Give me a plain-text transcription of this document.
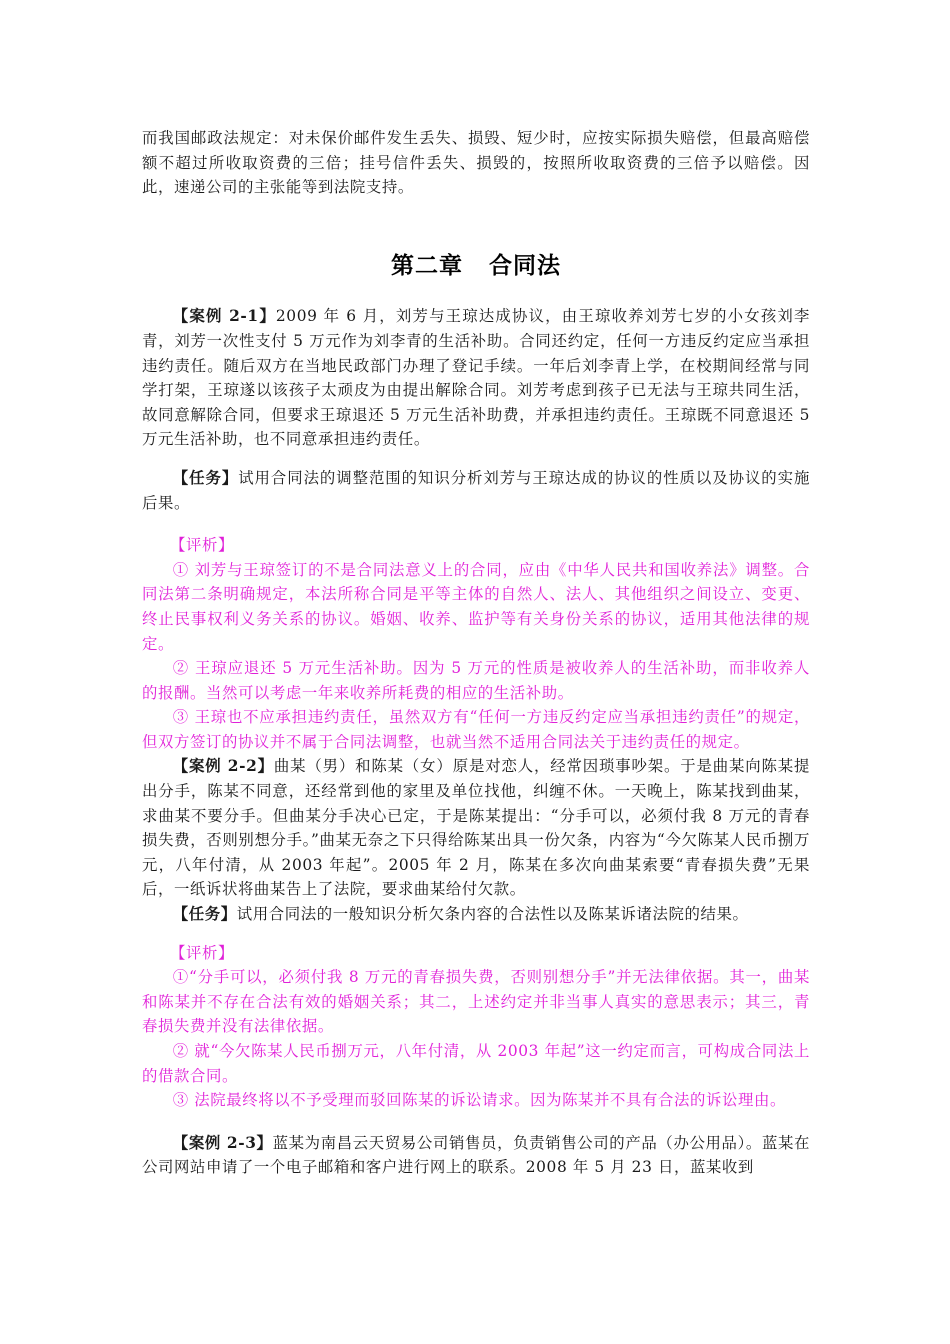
而我国邮政法规定：对未保价邮件发生丢失、损毁、短少时，应按实际损失赔偿，但最高赔偿额不超过所收取资费的三倍；挂号信件丢失、损毁的，按照所收取资费的三倍予以赔偿。因此，速递公司的主张能等到法院支持。

第二章 合同法

【案例 2-1】2009 年 6 月，刘芳与王琼达成协议，由王琼收养刘芳七岁的小女孩刘李青，刘芳一次性支付 5 万元作为刘李青的生活补助。合同还约定，任何一方违反约定应当承担违约责任。随后双方在当地民政部门办理了登记手续。一年后刘李青上学，在校期间经常与同学打架，王琼遂以该孩子太顽皮为由提出解除合同。刘芳考虑到孩子已无法与王琼共同生活，故同意解除合同，但要求王琼退还 5 万元生活补助费，并承担违约责任。王琼既不同意退还 5 万元生活补助，也不同意承担违约责任。

【任务】试用合同法的调整范围的知识分析刘芳与王琼达成的协议的性质以及协议的实施后果。

【评析】

① 刘芳与王琼签订的不是合同法意义上的合同，应由《中华人民共和国收养法》调整。合同法第二条明确规定，本法所称合同是平等主体的自然人、法人、其他组织之间设立、变更、终止民事权利义务关系的协议。婚姻、收养、监护等有关身份关系的协议，适用其他法律的规定。

② 王琼应退还 5 万元生活补助。因为 5 万元的性质是被收养人的生活补助，而非收养人的报酬。当然可以考虑一年来收养所耗费的相应的生活补助。

③ 王琼也不应承担违约责任，虽然双方有“任何一方违反约定应当承担违约责任”的规定，但双方签订的协议并不属于合同法调整，也就当然不适用合同法关于违约责任的规定。

【案例 2-2】曲某（男）和陈某（女）原是对恋人，经常因琐事吵架。于是曲某向陈某提出分手，陈某不同意，还经常到他的家里及单位找他，纠缠不休。一天晚上，陈某找到曲某，求曲某不要分手。但曲某分手决心已定，于是陈某提出：“分手可以，必须付我 8 万元的青春损失费，否则别想分手。”曲某无奈之下只得给陈某出具一份欠条，内容为“今欠陈某人民币捌万元，八年付清，从 2003 年起”。2005 年 2 月，陈某在多次向曲某索要“青春损失费”无果后，一纸诉状将曲某告上了法院，要求曲某给付欠款。

【任务】试用合同法的一般知识分析欠条内容的合法性以及陈某诉诸法院的结果。

【评析】

①“分手可以，必须付我 8 万元的青春损失费，否则别想分手”并无法律依据。其一，曲某和陈某并不存在合法有效的婚姻关系；其二，上述约定并非当事人真实的意思表示；其三，青春损失费并没有法律依据。

② 就“今欠陈某人民币捌万元，八年付清，从 2003 年起”这一约定而言，可构成合同法上的借款合同。

③ 法院最终将以不予受理而驳回陈某的诉讼请求。因为陈某并不具有合法的诉讼理由。

【案例 2-3】蓝某为南昌云天贸易公司销售员，负责销售公司的产品（办公用品）。蓝某在公司网站申请了一个电子邮箱和客户进行网上的联系。2008 年 5 月 23 日，蓝某收到
